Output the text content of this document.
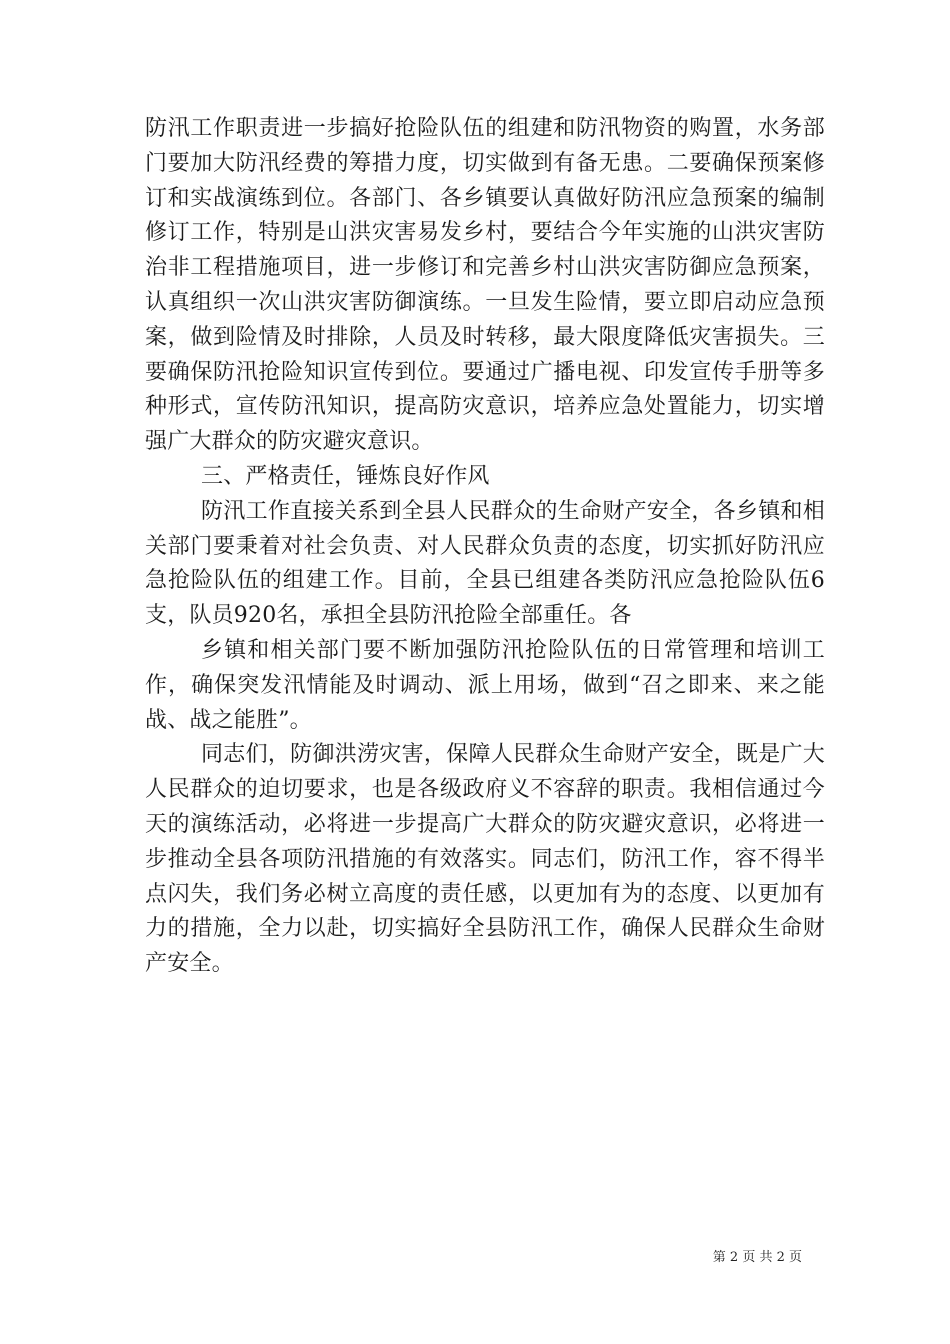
防汛工作职责进一步搞好抢险队伍的组建和防汛物资的购置，水务部门要加大防汛经费的筹措力度，切实做到有备无患。二要确保预案修订和实战演练到位。各部门、各乡镇要认真做好防汛应急预案的编制修订工作，特别是山洪灾害易发乡村，要结合今年实施的山洪灾害防治非工程措施项目，进一步修订和完善乡村山洪灾害防御应急预案，认真组织一次山洪灾害防御演练。一旦发生险情，要立即启动应急预案，做到险情及时排除，人员及时转移，最大限度降低灾害损失。三要确保防汛抢险知识宣传到位。要通过广播电视、印发宣传手册等多种形式，宣传防汛知识，提高防灾意识，培养应急处置能力，切实增强广大群众的防灾避灾意识。

三、严格责任，锤炼良好作风

防汛工作直接关系到全县人民群众的生命财产安全，各乡镇和相关部门要秉着对社会负责、对人民群众负责的态度，切实抓好防汛应急抢险队伍的组建工作。目前，全县已组建各类防汛应急抢险队伍6支，队员920名，承担全县防汛抢险全部重任。各

乡镇和相关部门要不断加强防汛抢险队伍的日常管理和培训工作，确保突发汛情能及时调动、派上用场，做到“召之即来、来之能战、战之能胜”。

同志们，防御洪涝灾害，保障人民群众生命财产安全，既是广大人民群众的迫切要求，也是各级政府义不容辞的职责。我相信通过今天的演练活动，必将进一步提高广大群众的防灾避灾意识，必将进一步推动全县各项防汛措施的有效落实。同志们，防汛工作，容不得半点闪失，我们务必树立高度的责任感，以更加有为的态度、以更加有力的措施，全力以赴，切实搞好全县防汛工作，确保人民群众生命财产安全。

第 2 页 共 2 页
